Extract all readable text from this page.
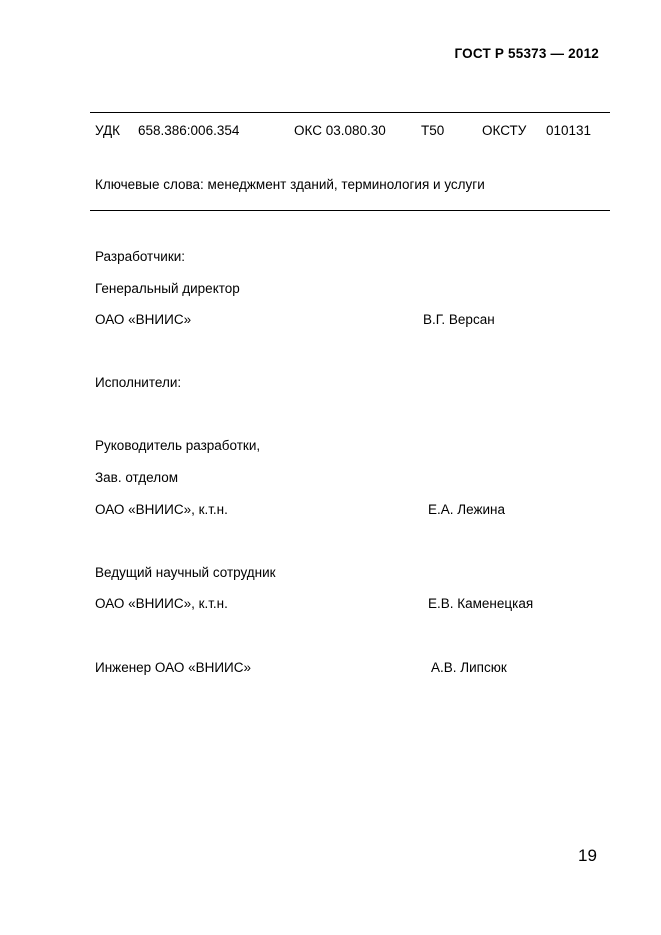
ГОСТ Р 55373 — 2012
УДК 658.386:006.354	ОКС 03.080.30	Т50	ОКСТУ 010131
Ключевые слова: менеджмент зданий, терминология и услуги
Разработчики:
Генеральный директор
ОАО «ВНИИС»	В.Г. Версан
Исполнители:
Руководитель разработки,
Зав. отделом
ОАО «ВНИИС», к.т.н.	Е.А. Лежина
Ведущий научный сотрудник
ОАО «ВНИИС», к.т.н.	Е.В. Каменецкая
Инженер ОАО «ВНИИС»	А.В. Липсюк
19
